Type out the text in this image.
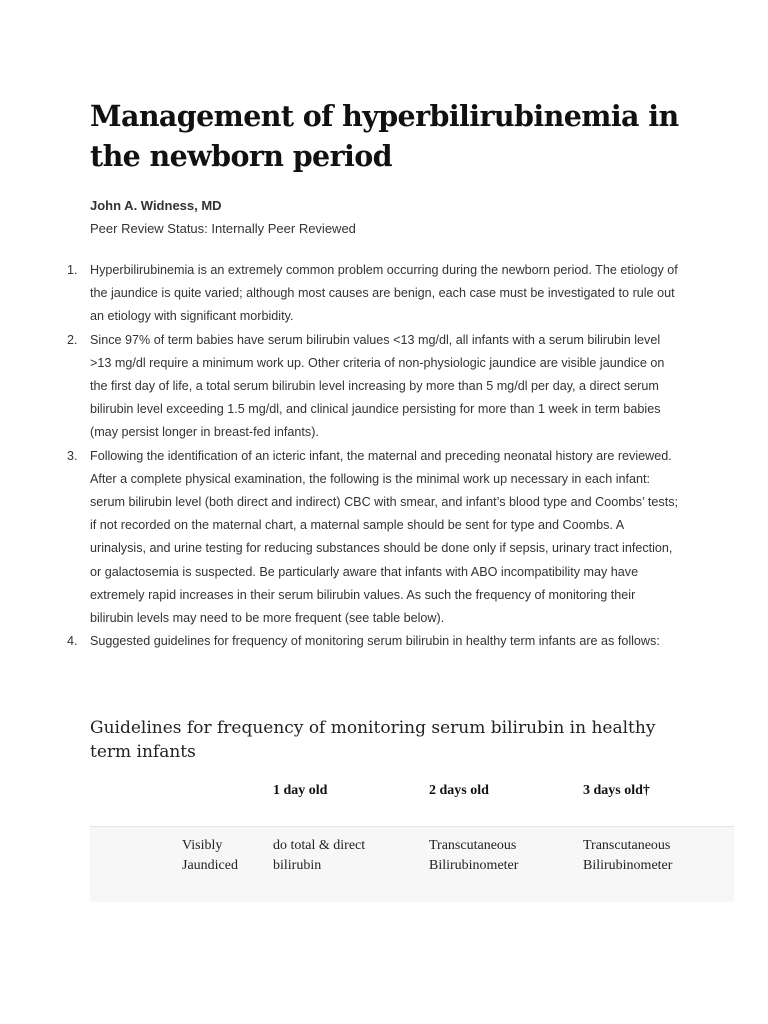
Management of hyperbilirubinemia in the newborn period
John A. Widness, MD
Peer Review Status: Internally Peer Reviewed
1. Hyperbilirubinemia is an extremely common problem occurring during the newborn period. The etiology of the jaundice is quite varied; although most causes are benign, each case must be investigated to rule out an etiology with significant morbidity.
2. Since 97% of term babies have serum bilirubin values <13 mg/dl, all infants with a serum bilirubin level >13 mg/dl require a minimum work up. Other criteria of non-physiologic jaundice are visible jaundice on the first day of life, a total serum bilirubin level increasing by more than 5 mg/dl per day, a direct serum bilirubin level exceeding 1.5 mg/dl, and clinical jaundice persisting for more than 1 week in term babies (may persist longer in breast-fed infants).
3. Following the identification of an icteric infant, the maternal and preceding neonatal history are reviewed. After a complete physical examination, the following is the minimal work up necessary in each infant: serum bilirubin level (both direct and indirect) CBC with smear, and infant’s blood type and Coombs’ tests; if not recorded on the maternal chart, a maternal sample should be sent for type and Coombs. A urinalysis, and urine testing for reducing substances should be done only if sepsis, urinary tract infection, or galactosemia is suspected. Be particularly aware that infants with ABO incompatibility may have extremely rapid increases in their serum bilirubin values. As such the frequency of monitoring their bilirubin levels may need to be more frequent (see table below).
4. Suggested guidelines for frequency of monitoring serum bilirubin in healthy term infants are as follows:
Guidelines for frequency of monitoring serum bilirubin in healthy term infants
1 day old	2 days old	3 days old†
Visibly Jaundiced
do total & direct bilirubin
Transcutaneous Bilirubinometer
Transcutaneous Bilirubinometer
